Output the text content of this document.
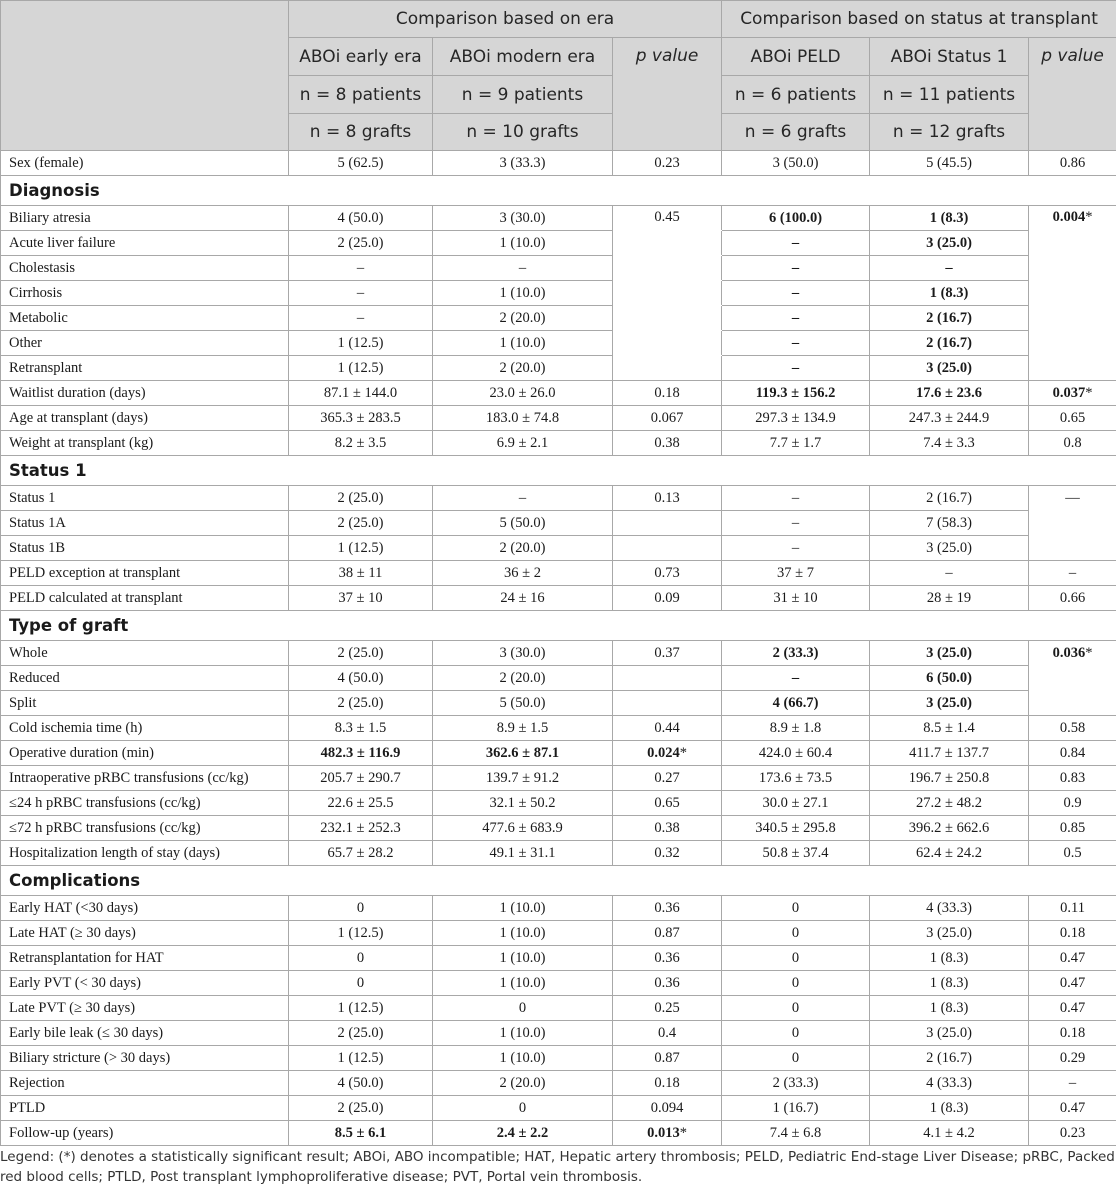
	Comparison based on era			Comparison based on status at transplant		
	ABOi early era	ABOi modern era	p value	ABOi PELD	ABOi Status 1	p value
	n = 8 patients	n = 9 patients		n = 6 patients	n = 11 patients	
	n = 8 grafts	n = 10 grafts		n = 6 grafts	n = 12 grafts	
Sex (female)	5 (62.5)	3 (33.3)	0.23	3 (50.0)	5 (45.5)	0.86
Diagnosis						
Biliary atresia	4 (50.0)	3 (30.0)	0.45	6 (100.0)	1 (8.3)	0.004*
Acute liver failure	2 (25.0)	1 (10.0)		–	3 (25.0)	
Cholestasis	–	–		–	–	
Cirrhosis	–	1 (10.0)		–	1 (8.3)	
Metabolic	–	2 (20.0)		–	2 (16.7)	
Other	1 (12.5)	1 (10.0)		–	2 (16.7)	
Retransplant	1 (12.5)	2 (20.0)		–	3 (25.0)	
Waitlist duration (days)	87.1 ± 144.0	23.0 ± 26.0	0.18	119.3 ± 156.2	17.6 ± 23.6	0.037*
Age at transplant (days)	365.3 ± 283.5	183.0 ± 74.8	0.067	297.3 ± 134.9	247.3 ± 244.9	0.65
Weight at transplant (kg)	8.2 ± 3.5	6.9 ± 2.1	0.38	7.7 ± 1.7	7.4 ± 3.3	0.8
Status 1						
Status 1	2 (25.0)	–	0.13	–	2 (16.7)	—
Status 1A	2 (25.0)	5 (50.0)		–	7 (58.3)	
Status 1B	1 (12.5)	2 (20.0)		–	3 (25.0)	
PELD exception at transplant	38 ± 11	36 ± 2	0.73	37 ± 7	–	–
PELD calculated at transplant	37 ± 10	24 ± 16	0.09	31 ± 10	28 ± 19	0.66
Type of graft						
Whole	2 (25.0)	3 (30.0)	0.37	2 (33.3)	3 (25.0)	0.036*
Reduced	4 (50.0)	2 (20.0)		–	6 (50.0)	
Split	2 (25.0)	5 (50.0)		4 (66.7)	3 (25.0)	
Cold ischemia time (h)	8.3 ± 1.5	8.9 ± 1.5	0.44	8.9 ± 1.8	8.5 ± 1.4	0.58
Operative duration (min)	482.3 ± 116.9	362.6 ± 87.1	0.024*	424.0 ± 60.4	411.7 ± 137.7	0.84
Intraoperative pRBC transfusions (cc/kg)	205.7 ± 290.7	139.7 ± 91.2	0.27	173.6 ± 73.5	196.7 ± 250.8	0.83
≤24 h pRBC transfusions (cc/kg)	22.6 ± 25.5	32.1 ± 50.2	0.65	30.0 ± 27.1	27.2 ± 48.2	0.9
≤72 h pRBC transfusions (cc/kg)	232.1 ± 252.3	477.6 ± 683.9	0.38	340.5 ± 295.8	396.2 ± 662.6	0.85
Hospitalization length of stay (days)	65.7 ± 28.2	49.1 ± 31.1	0.32	50.8 ± 37.4	62.4 ± 24.2	0.5
Complications						
Early HAT (<30 days)	0	1 (10.0)	0.36	0	4 (33.3)	0.11
Late HAT (≥ 30 days)	1 (12.5)	1 (10.0)	0.87	0	3 (25.0)	0.18
Retransplantation for HAT	0	1 (10.0)	0.36	0	1 (8.3)	0.47
Early PVT (< 30 days)	0	1 (10.0)	0.36	0	1 (8.3)	0.47
Late PVT (≥ 30 days)	1 (12.5)	0	0.25	0	1 (8.3)	0.47
Early bile leak (≤ 30 days)	2 (25.0)	1 (10.0)	0.4	0	3 (25.0)	0.18
Biliary stricture (> 30 days)	1 (12.5)	1 (10.0)	0.87	0	2 (16.7)	0.29
Rejection	4 (50.0)	2 (20.0)	0.18	2 (33.3)	4 (33.3)	–
PTLD	2 (25.0)	0	0.094	1 (16.7)	1 (8.3)	0.47
Follow-up (years)	8.5 ± 6.1	2.4 ± 2.2	0.013*	7.4 ± 6.8	4.1 ± 4.2	0.23
Legend: (*) denotes a statistically significant result; ABOi, ABO incompatible; HAT, Hepatic artery thrombosis; PELD, Pediatric End-stage Liver Disease; pRBC, Packed red blood cells; PTLD, Post transplant lymphoproliferative disease; PVT, Portal vein thrombosis.
